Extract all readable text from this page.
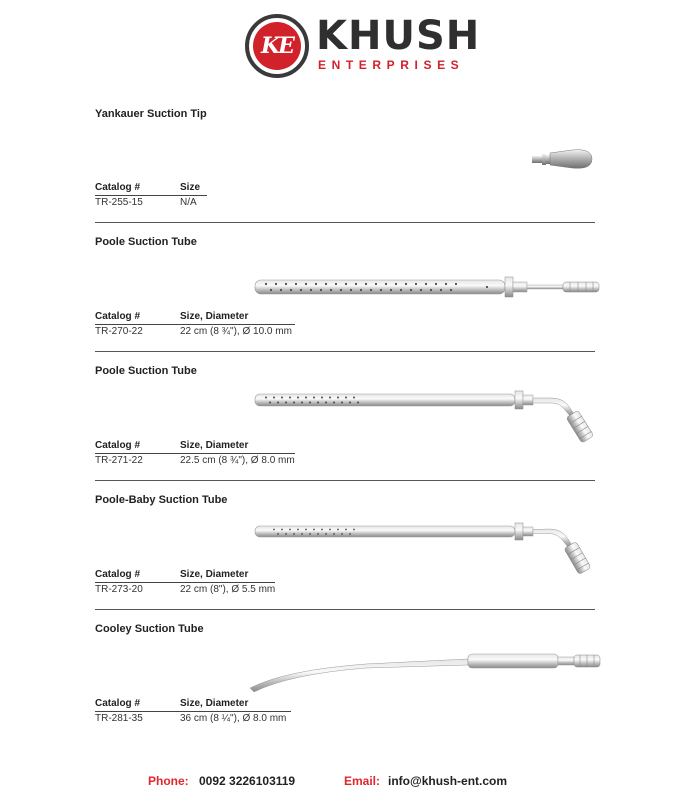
KE KHUSH
ENTERPRISES
Yankauer Suction Tip
Catalog #	Size
TR-255-15	N/A
Poole Suction Tube
Catalog #	Size, Diameter
TR-270-22	22 cm (8 ¾"), Ø 10.0 mm
Poole Suction Tube
Catalog #	Size, Diameter
TR-271-22	22.5 cm (8 ¾"), Ø 8.0 mm
Poole-Baby Suction Tube
Catalog #	Size, Diameter
TR-273-20	22 cm (8"), Ø 5.5 mm
Cooley Suction Tube
Catalog #	Size, Diameter
TR-281-35	36 cm (8 ¼"), Ø 8.0 mm
Phone: 0092 3226103119	Email: info@khush-ent.com
